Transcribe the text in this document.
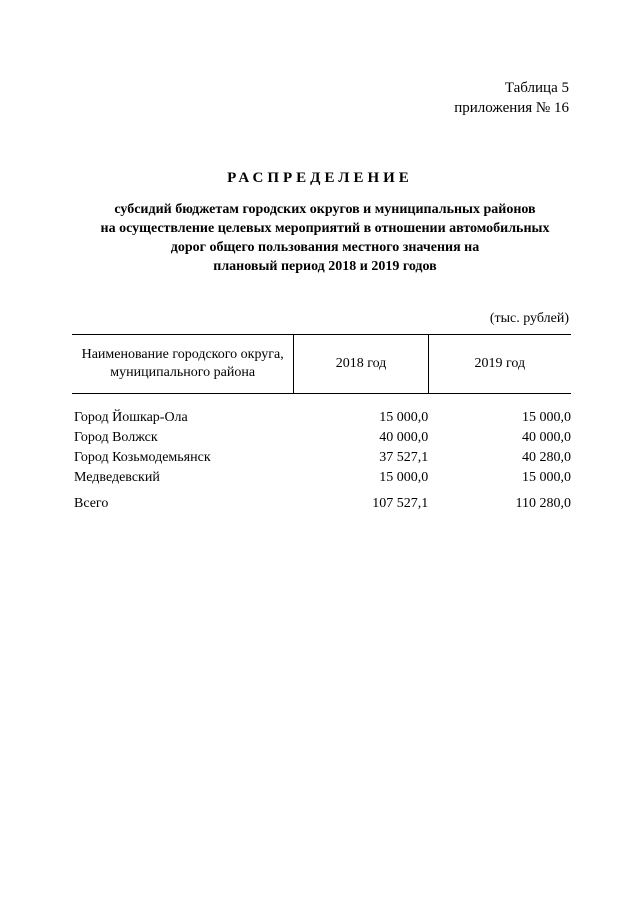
Таблица 5
приложения № 16
РАСПРЕДЕЛЕНИЕ
субсидий бюджетам городских округов и муниципальных районов
на осуществление целевых мероприятий в отношении автомобильных
дорог общего пользования местного значения на
плановый период 2018 и 2019 годов
(тыс. рублей)
Наименование городского округа, муниципального района	2018 год	2019 год
Город Йошкар-Ола	15 000,0	15 000,0
Город Волжск	40 000,0	40 000,0
Город Козьмодемьянск	37 527,1	40 280,0
Медведевский	15 000,0	15 000,0
Всего	107 527,1	110 280,0
